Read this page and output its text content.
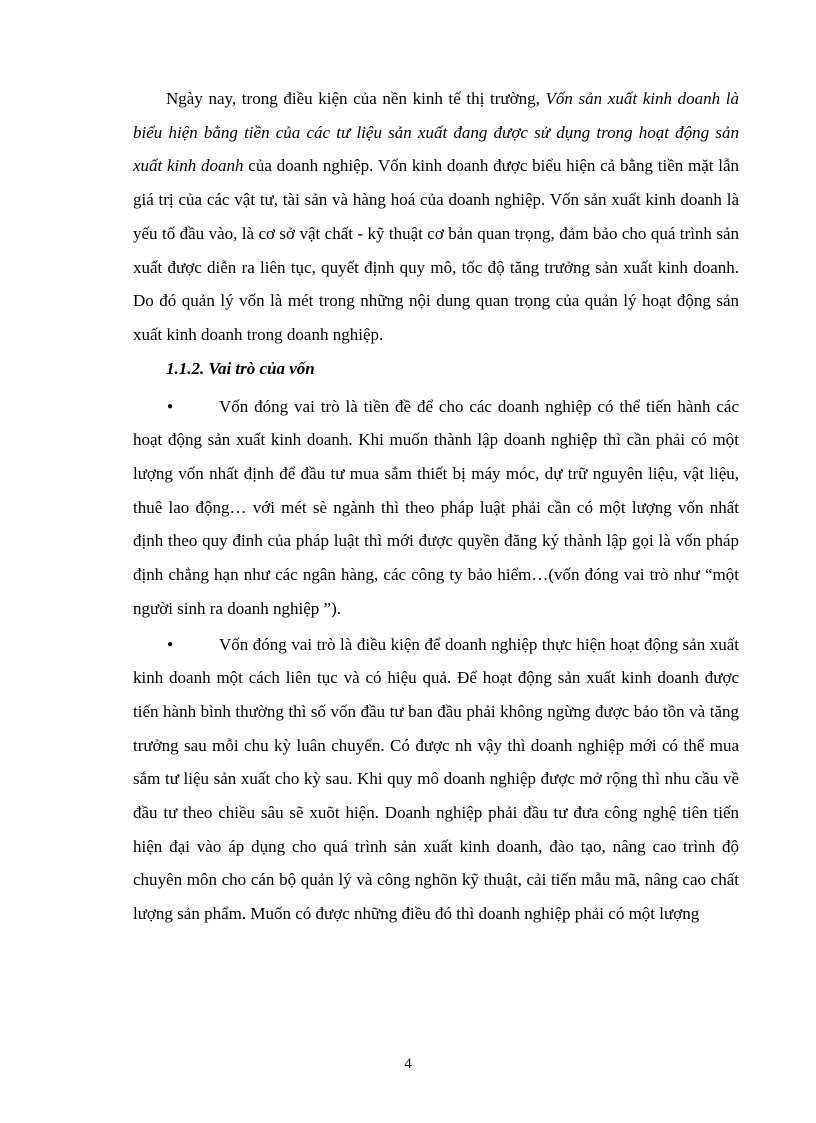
Ngày nay, trong điều kiện của nền kinh tế thị trường, Vốn sản xuất kinh doanh là biểu hiện bằng tiền của các tư liệu sản xuất đang được sử dụng trong hoạt động sản xuất kinh doanh của doanh nghiệp. Vốn kinh doanh được biểu hiện cả bằng tiền mặt lẫn giá trị của các vật tư, tài sản và hàng hoá của doanh nghiệp. Vốn sản xuất kinh doanh là yếu tố đầu vào, là cơ sở vật chất - kỹ thuật cơ bản quan trọng, đảm bảo cho quá trình sản xuất được diễn ra liên tục, quyết định quy mô, tốc độ tăng trưởng sản xuất kinh doanh. Do đó quản lý vốn là mét trong những nội dung quan trọng của quản lý hoạt động sản xuất kinh doanh trong doanh nghiệp.

1.1.2. Vai trò của vốn

●	Vốn đóng vai trò là tiền đề để cho các doanh nghiệp có thể tiến hành các hoạt động sản xuất kinh doanh. Khi muốn thành lập doanh nghiệp thì cần phải có một lượng vốn nhất định để đầu tư mua sắm thiết bị máy móc, dự trữ nguyên liệu, vật liệu, thuê lao động… với mét sè ngành thì theo pháp luật phải cần có một lượng vốn nhất định theo quy đinh của pháp luật thì mới được quyền đăng ký thành lập gọi là vốn pháp định chẳng hạn như các ngân hàng, các công ty bảo hiểm…(vốn đóng vai trò như “một người sinh ra doanh nghiệp ”).

●	Vốn đóng vai trò là điều kiện để doanh nghiệp thực hiện hoạt động sản xuất kinh doanh một cách liên tục và có hiệu quả. Để hoạt động sản xuất kinh doanh được tiến hành bình thường thì số vốn đầu tư ban đầu phải không ngừng được bảo tồn và tăng trưởng sau mỗi chu kỳ luân chuyển. Có được nh vậy thì doanh nghiệp mới có thể mua sắm tư liệu sản xuất cho kỳ sau. Khi quy mô doanh nghiệp được mở rộng thì nhu cầu về đầu tư theo chiều sâu sẽ xuõt hiện. Doanh nghiệp phải đầu tư đưa công nghệ tiên tiến hiện đại vào áp dụng cho quá trình sản xuất kinh doanh, đào tạo, nâng cao trình độ chuyên môn cho cán bộ quản lý và công nghõn kỹ thuật, cải tiến mẫu mã, nâng cao chất lượng sản phẩm. Muốn có được những điều đó thì doanh nghiệp phải có một lượng

4
